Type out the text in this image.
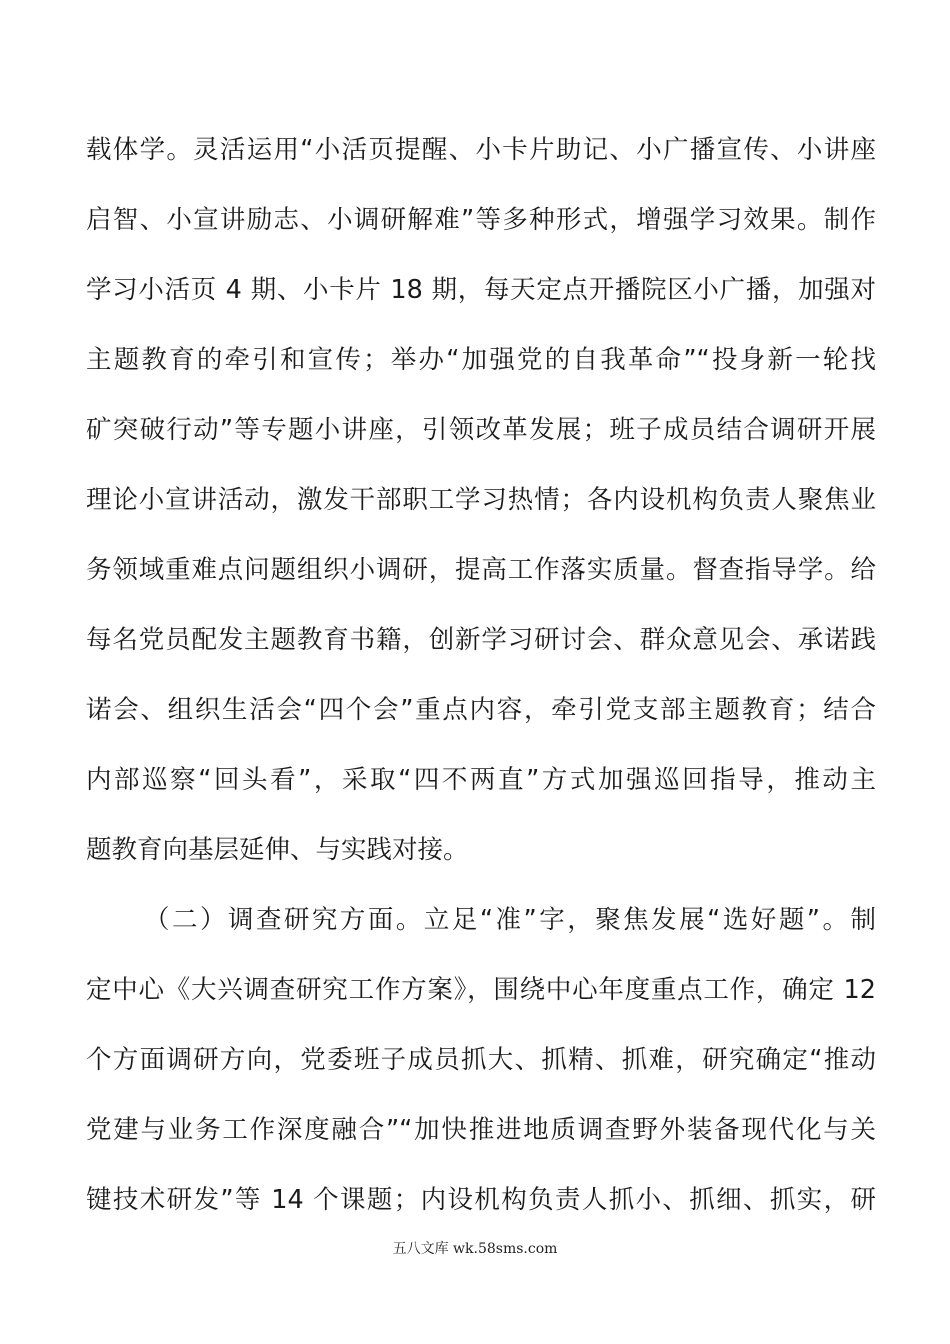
载体学。灵活运用“小活页提醒、小卡片助记、小广播宣传、小讲座
启智、小宣讲励志、小调研解难”等多种形式，增强学习效果。制作
学习小活页 4 期、小卡片 18 期，每天定点开播院区小广播，加强对
主题教育的牵引和宣传；举办“加强党的自我革命”“投身新一轮找
矿突破行动”等专题小讲座，引领改革发展；班子成员结合调研开展
理论小宣讲活动，激发干部职工学习热情；各内设机构负责人聚焦业
务领域重难点问题组织小调研，提高工作落实质量。督查指导学。给
每名党员配发主题教育书籍，创新学习研讨会、群众意见会、承诺践
诺会、组织生活会“四个会”重点内容，牵引党支部主题教育；结合
内部巡察“回头看”，采取“四不两直”方式加强巡回指导，推动主
题教育向基层延伸、与实践对接。
（二）调查研究方面。立足“准”字，聚焦发展“选好题”。制
定中心《大兴调查研究工作方案》，围绕中心年度重点工作，确定 12
个方面调研方向，党委班子成员抓大、抓精、抓难，研究确定“推动
党建与业务工作深度融合”“加快推进地质调查野外装备现代化与关
键技术研发”等 14 个课题；内设机构负责人抓小、抓细、抓实，研
五八文库 wk.58sms.com
